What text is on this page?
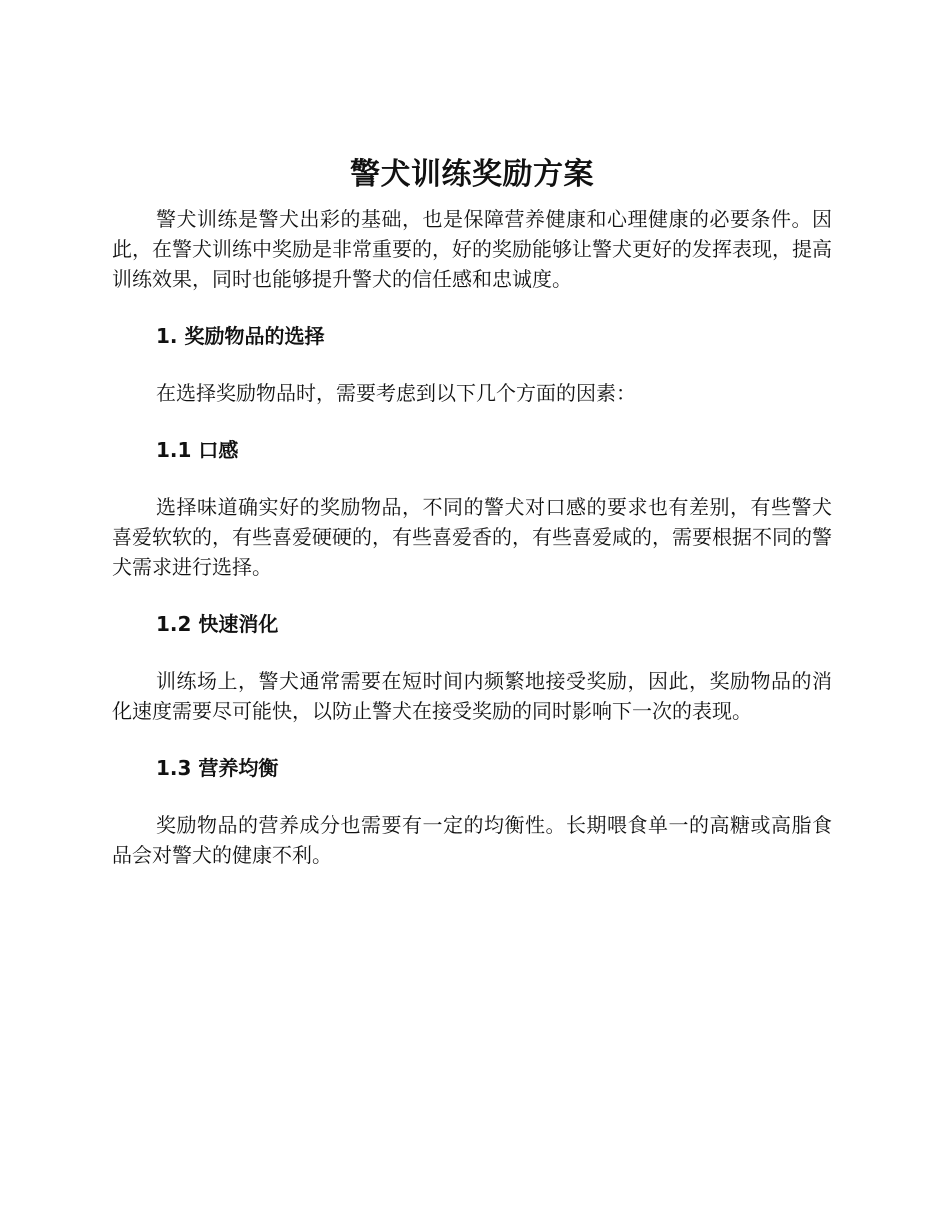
警犬训练奖励方案

警犬训练是警犬出彩的基础，也是保障营养健康和心理健康的必要条件。因此，在警犬训练中奖励是非常重要的，好的奖励能够让警犬更好的发挥表现，提高训练效果，同时也能够提升警犬的信任感和忠诚度。

1. 奖励物品的选择

在选择奖励物品时，需要考虑到以下几个方面的因素：

1.1 口感

选择味道确实好的奖励物品，不同的警犬对口感的要求也有差别，有些警犬喜爱软软的，有些喜爱硬硬的，有些喜爱香的，有些喜爱咸的，需要根据不同的警犬需求进行选择。

1.2 快速消化

训练场上，警犬通常需要在短时间内频繁地接受奖励，因此，奖励物品的消化速度需要尽可能快，以防止警犬在接受奖励的同时影响下一次的表现。

1.3 营养均衡

奖励物品的营养成分也需要有一定的均衡性。长期喂食单一的高糖或高脂食品会对警犬的健康不利。
